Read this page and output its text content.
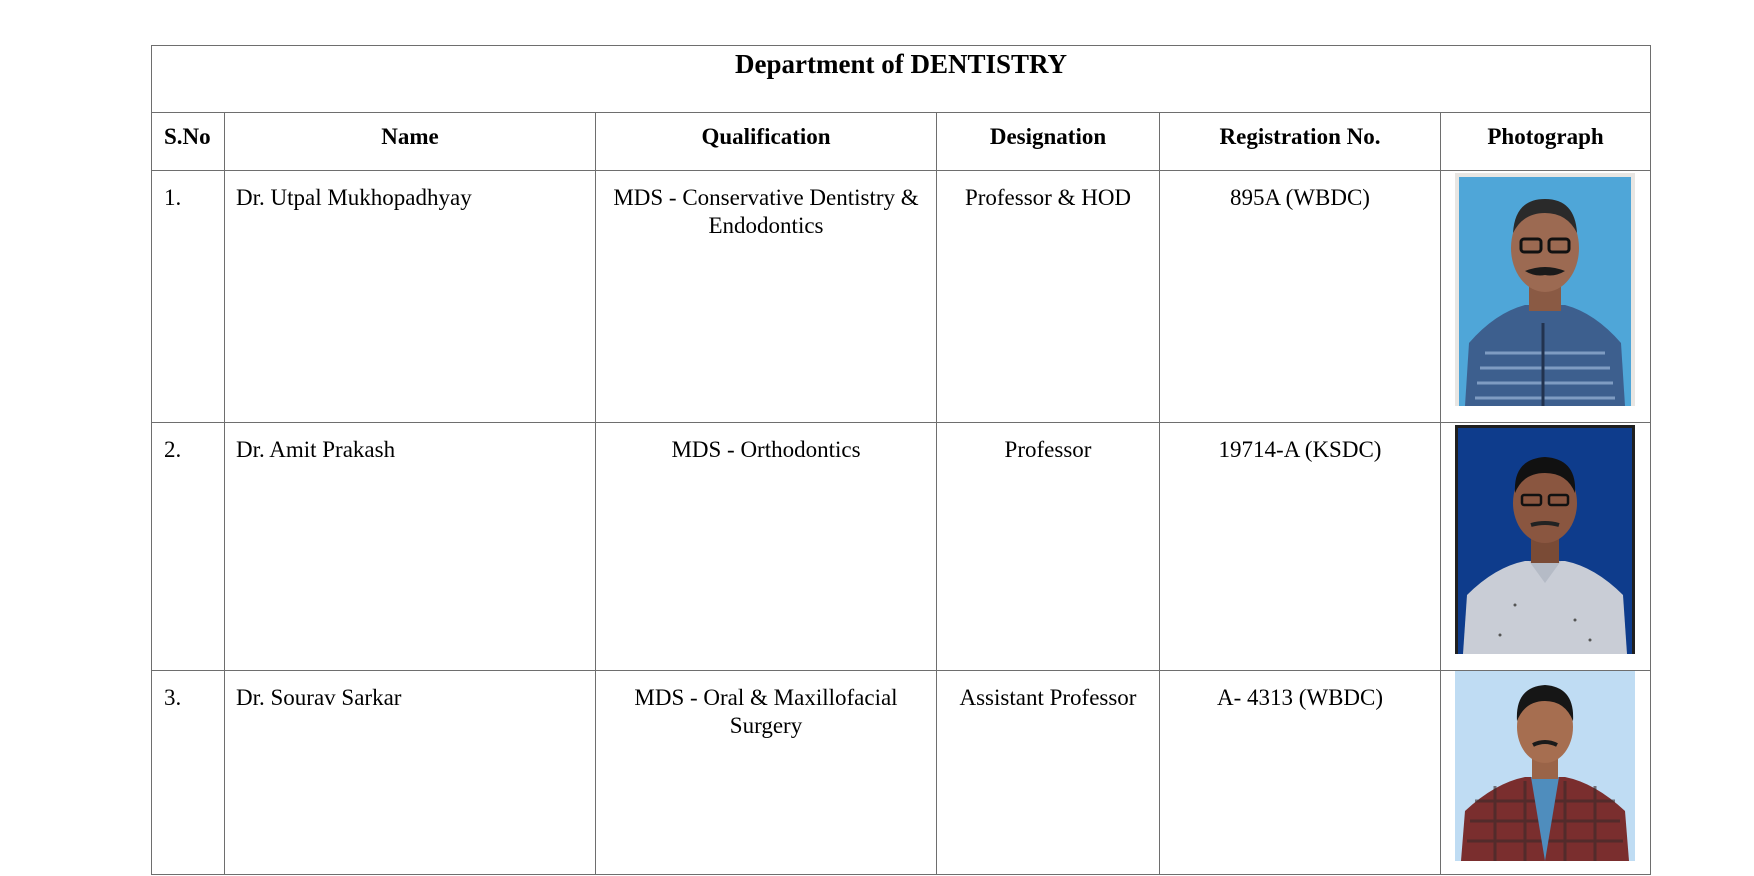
Department of DENTISTRY					
S.No	Name	Qualification	Designation	Registration No.	Photograph
1.	Dr. Utpal Mukhopadhyay	MDS - Conservative Dentistry & Endodontics	Professor & HOD	895A (WBDC)	

2.	Dr. Amit Prakash	MDS - Orthodontics	Professor	19714-A (KSDC)	

3.	Dr. Sourav Sarkar	MDS - Oral & Maxillofacial Surgery	Assistant Professor	A- 4313 (WBDC)	
